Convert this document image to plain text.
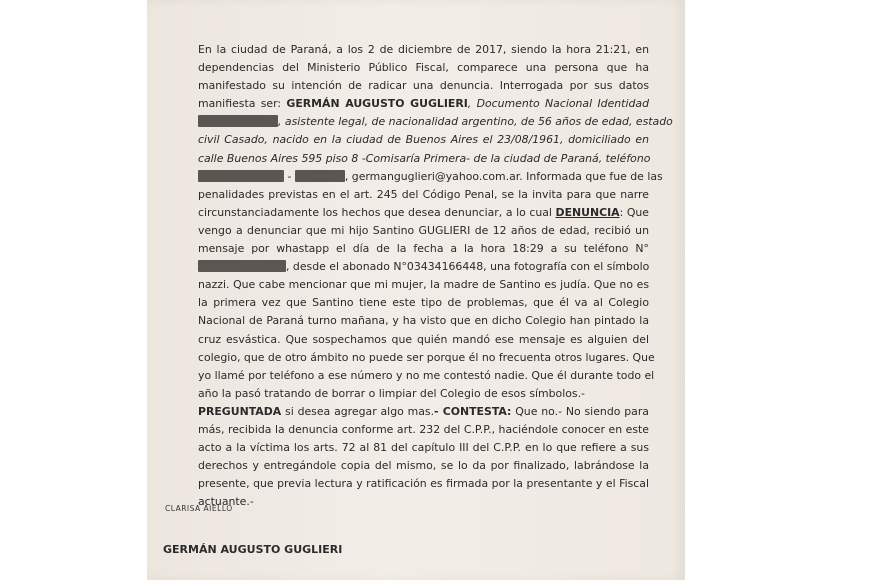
En la ciudad de Paraná, a los 2 de diciembre de 2017, siendo la hora 21:21, en
dependencias del Ministerio Público Fiscal, comparece una persona que ha
manifestado su intención de radicar una denuncia. Interrogada por sus datos
manifiesta ser: GERMÁN AUGUSTO GUGLIERI, Documento Nacional Identidad
, asistente legal, de nacionalidad argentino, de 56 años de edad, estado
civil Casado, nacido en la ciudad de Buenos Aires el 23/08/1961, domiciliado en
calle Buenos Aires 595 piso 8 -Comisaría Primera- de la ciudad de Paraná, teléfono
-	, germanguglieri@yahoo.com.ar. Informada que fue de las
penalidades previstas en el art. 245 del Código Penal, se la invita para que narre
circunstanciadamente los hechos que desea denunciar, a lo cual DENUNCIA: Que
vengo a denunciar que mi hijo Santino GUGLIERI de 12 años de edad, recibió un
mensaje por whastapp el día de la fecha a la hora 18:29 a su teléfono N°
, desde el abonado N°03434166448, una fotografía con el símbolo
nazzi. Que cabe mencionar que mi mujer, la madre de Santino es judía. Que no es
la primera vez que Santino tiene este tipo de problemas, que él va al Colegio
Nacional de Paraná turno mañana, y ha visto que en dicho Colegio han pintado la
cruz esvástica. Que sospechamos que quién mandó ese mensaje es alguien del
colegio, que de otro ámbito no puede ser porque él no frecuenta otros lugares. Que
yo llamé por teléfono a ese número y no me contestó nadie. Que él durante todo el
año la pasó tratando de borrar o limpiar del Colegio de esos símbolos.-
PREGUNTADA si desea agregar algo mas.- CONTESTA: Que no.- No siendo para
más, recibida la denuncia conforme art. 232 del C.P.P., haciéndole conocer en este
acto a la víctima los arts. 72 al 81 del capítulo III del C.P.P. en lo que refiere a sus
derechos y entregándole copia del mismo, se lo da por finalizado, labrándose la
presente, que previa lectura y ratificación es firmada por la presentante y el Fiscal
actuante.-
CLARISA AIELLO
GERMÁN AUGUSTO GUGLIERI
